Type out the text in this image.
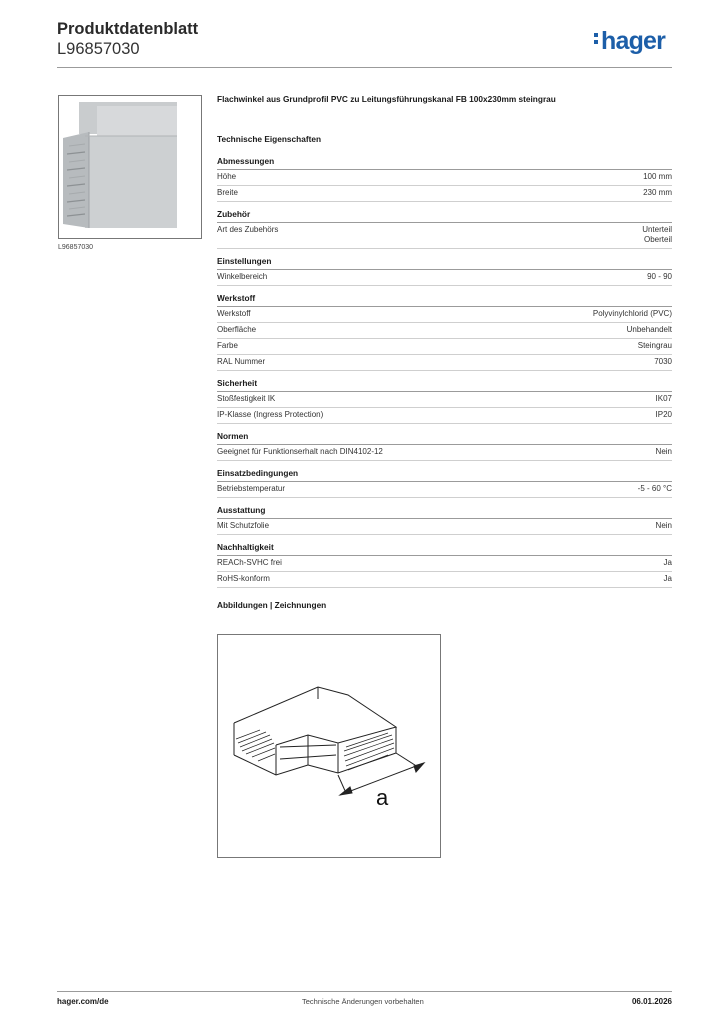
Produktdatenblatt
L96857030	hager
L96857030
Flachwinkel aus Grundprofil PVC zu Leitungsführungskanal FB 100x230mm steingrau
Technische Eigenschaften
Abmessungen
Höhe	100 mm
Breite	230 mm
Zubehör
Art des Zubehörs	Unterteil
Oberteil
Einstellungen
Winkelbereich	90 - 90
Werkstoff
Werkstoff	Polyvinylchlorid (PVC)
Oberfläche	Unbehandelt
Farbe	Steingrau
RAL Nummer	7030
Sicherheit
Stoßfestigkeit IK	IK07
IP-Klasse (Ingress Protection)	IP20
Normen
Geeignet für Funktionserhalt nach DIN4102-12	Nein
Einsatzbedingungen
Betriebstemperatur	-5 - 60 °C
Ausstattung
Mit Schutzfolie	Nein
Nachhaltigkeit
REACh-SVHC frei	Ja
RoHS-konform	Ja
Abbildungen | Zeichnungen
a
hager.com/de	Technische Änderungen vorbehalten	06.01.2026
